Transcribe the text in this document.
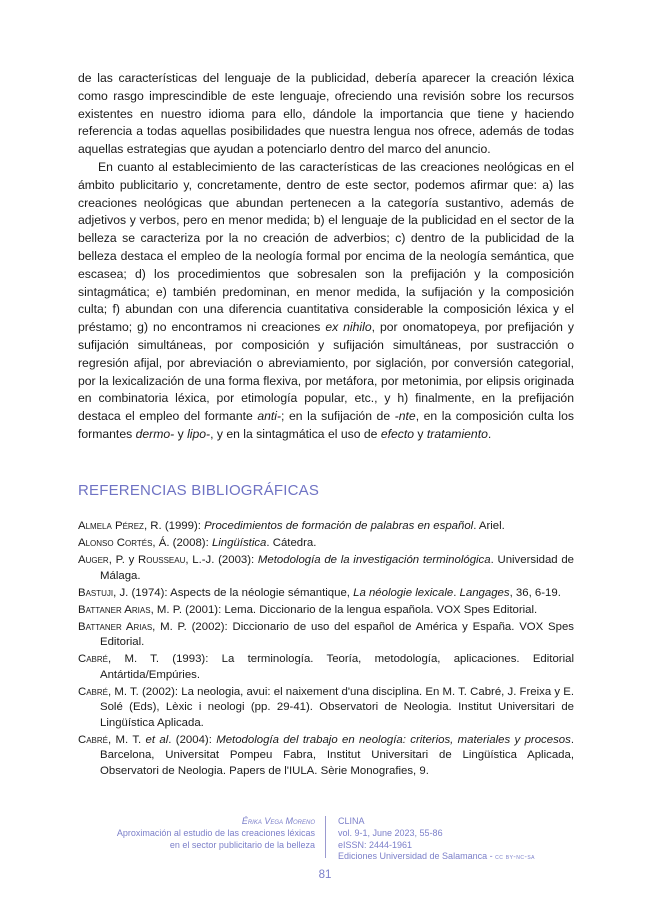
de las características del lenguaje de la publicidad, debería aparecer la creación léxica como rasgo imprescindible de este lenguaje, ofreciendo una revisión sobre los recursos existentes en nuestro idioma para ello, dándole la importancia que tiene y haciendo referencia a todas aquellas posibilidades que nuestra lengua nos ofrece, además de todas aquellas estrategias que ayudan a potenciarlo dentro del marco del anuncio.

En cuanto al establecimiento de las características de las creaciones neológicas en el ámbito publicitario y, concretamente, dentro de este sector, podemos afirmar que: a) las creaciones neológicas que abundan pertenecen a la categoría sustantivo, además de adjetivos y verbos, pero en menor medida; b) el lenguaje de la publicidad en el sector de la belleza se caracteriza por la no creación de adverbios; c) dentro de la publicidad de la belleza destaca el empleo de la neología formal por encima de la neología semántica, que escasea; d) los procedimientos que sobresalen son la prefijación y la composición sintagmática; e) también predominan, en menor medida, la sufijación y la composición culta; f) abundan con una diferencia cuantitativa considerable la composición léxica y el préstamo; g) no encontramos ni creaciones ex nihilo, por onomatopeya, por prefijación y sufijación simultáneas, por composición y sufijación simultáneas, por sustracción o regresión afijal, por abreviación o abreviamiento, por siglación, por conversión categorial, por la lexicalización de una forma flexiva, por metáfora, por metonimia, por elipsis originada en combinatoria léxica, por etimología popular, etc., y h) finalmente, en la prefijación destaca el empleo del formante anti-; en la sufijación de -nte, en la composición culta los formantes dermo- y lipo-, y en la sintagmática el uso de efecto y tratamiento.

REFERENCIAS BIBLIOGRÁFICAS

Almela Pérez, R. (1999): Procedimientos de formación de palabras en español. Ariel.

Alonso Cortés, Á. (2008): Lingüística. Cátedra.

Auger, P. y Rousseau, L.-J. (2003): Metodología de la investigación terminológica. Universidad de Málaga.

Bastuji, J. (1974): Aspects de la néologie sémantique, La néologie lexicale. Langages, 36, 6-19.

Battaner Arias, M. P. (2001): Lema. Diccionario de la lengua española. VOX Spes Editorial.

Battaner Arias, M. P. (2002): Diccionario de uso del español de América y España. VOX Spes Editorial.

Cabré, M. T. (1993): La terminología. Teoría, metodología, aplicaciones. Editorial Antártida/Empúries.

Cabré, M. T. (2002): La neologia, avui: el naixement d'una disciplina. En M. T. Cabré, J. Freixa y E. Solé (Eds), Lèxic i neologi (pp. 29-41). Observatori de Neologia. Institut Universitari de Lingüística Aplicada.

Cabré, M. T. et al. (2004): Metodología del trabajo en neología: criterios, materiales y procesos. Barcelona, Universitat Pompeu Fabra, Institut Universitari de Lingüística Aplicada, Observatori de Neologia. Papers de l'IULA. Sèrie Monografies, 9.

Érika Vega Moreno
Aproximación al estudio de las creaciones léxicas
en el sector publicitario de la belleza
CLINA
vol. 9-1, June 2023, 55-86
eISSN: 2444-1961
Ediciones Universidad de Salamanca - cc by-nc-sa
81
